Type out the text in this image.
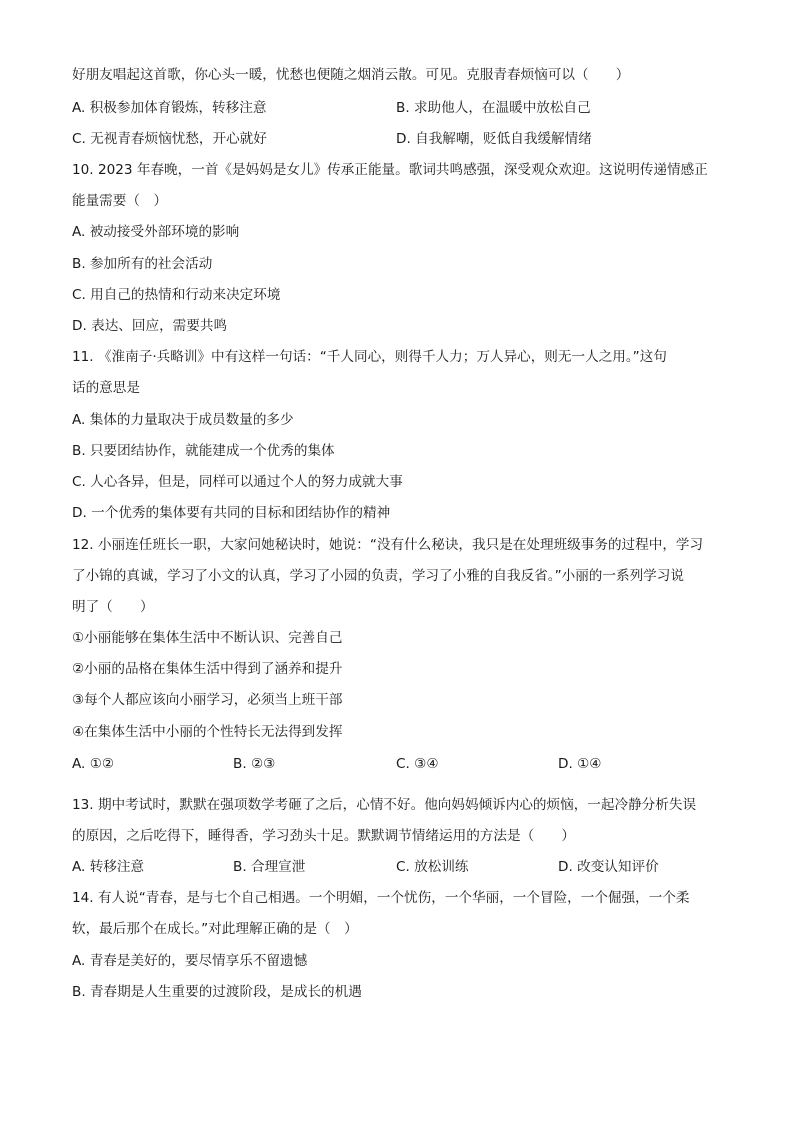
好朋友唱起这首歌，你心头一暖，忧愁也便随之烟消云散。可见。克服青春烦恼可以（　　）
A. 积极参加体育锻炼，转移注意	B. 求助他人，在温暖中放松自己
C. 无视青春烦恼忧愁，开心就好	D. 自我解嘲，贬低自我缓解情绪
10. 2023 年春晚，一首《是妈妈是女儿》传承正能量。歌词共鸣感强，深受观众欢迎。这说明传递情感正
能量需要（　）
A. 被动接受外部环境的影响
B. 参加所有的社会活动
C. 用自己的热情和行动来决定环境
D. 表达、回应，需要共鸣
11. 《淮南子·兵略训》中有这样一句话：“千人同心，则得千人力；万人异心，则无一人之用。”这句
话的意思是
A. 集体的力量取决于成员数量的多少
B. 只要团结协作，就能建成一个优秀的集体
C. 人心各异，但是，同样可以通过个人的努力成就大事
D. 一个优秀的集体要有共同的目标和团结协作的精神
12. 小丽连任班长一职，大家问她秘诀时，她说：“没有什么秘诀，我只是在处理班级事务的过程中，学习
了小锦的真诚，学习了小文的认真，学习了小园的负责，学习了小雅的自我反省。”小丽的一系列学习说
明了（　　）
①小丽能够在集体生活中不断认识、完善自己
②小丽的品格在集体生活中得到了涵养和提升
③每个人都应该向小丽学习，必须当上班干部
④在集体生活中小丽的个性特长无法得到发挥
A. ①②	B. ②③	C. ③④	D. ①④
13. 期中考试时，默默在强项数学考砸了之后，心情不好。他向妈妈倾诉内心的烦恼，一起冷静分析失误
的原因，之后吃得下，睡得香，学习劲头十足。默默调节情绪运用的方法是（　　）
A. 转移注意	B. 合理宣泄	C. 放松训练	D. 改变认知评价
14. 有人说“青春，是与七个自己相遇。一个明媚，一个忧伤，一个华丽，一个冒险，一个倔强，一个柔
软，最后那个在成长。”对此理解正确的是（　）
A. 青春是美好的，要尽情享乐不留遗憾
B. 青春期是人生重要的过渡阶段，是成长的机遇
